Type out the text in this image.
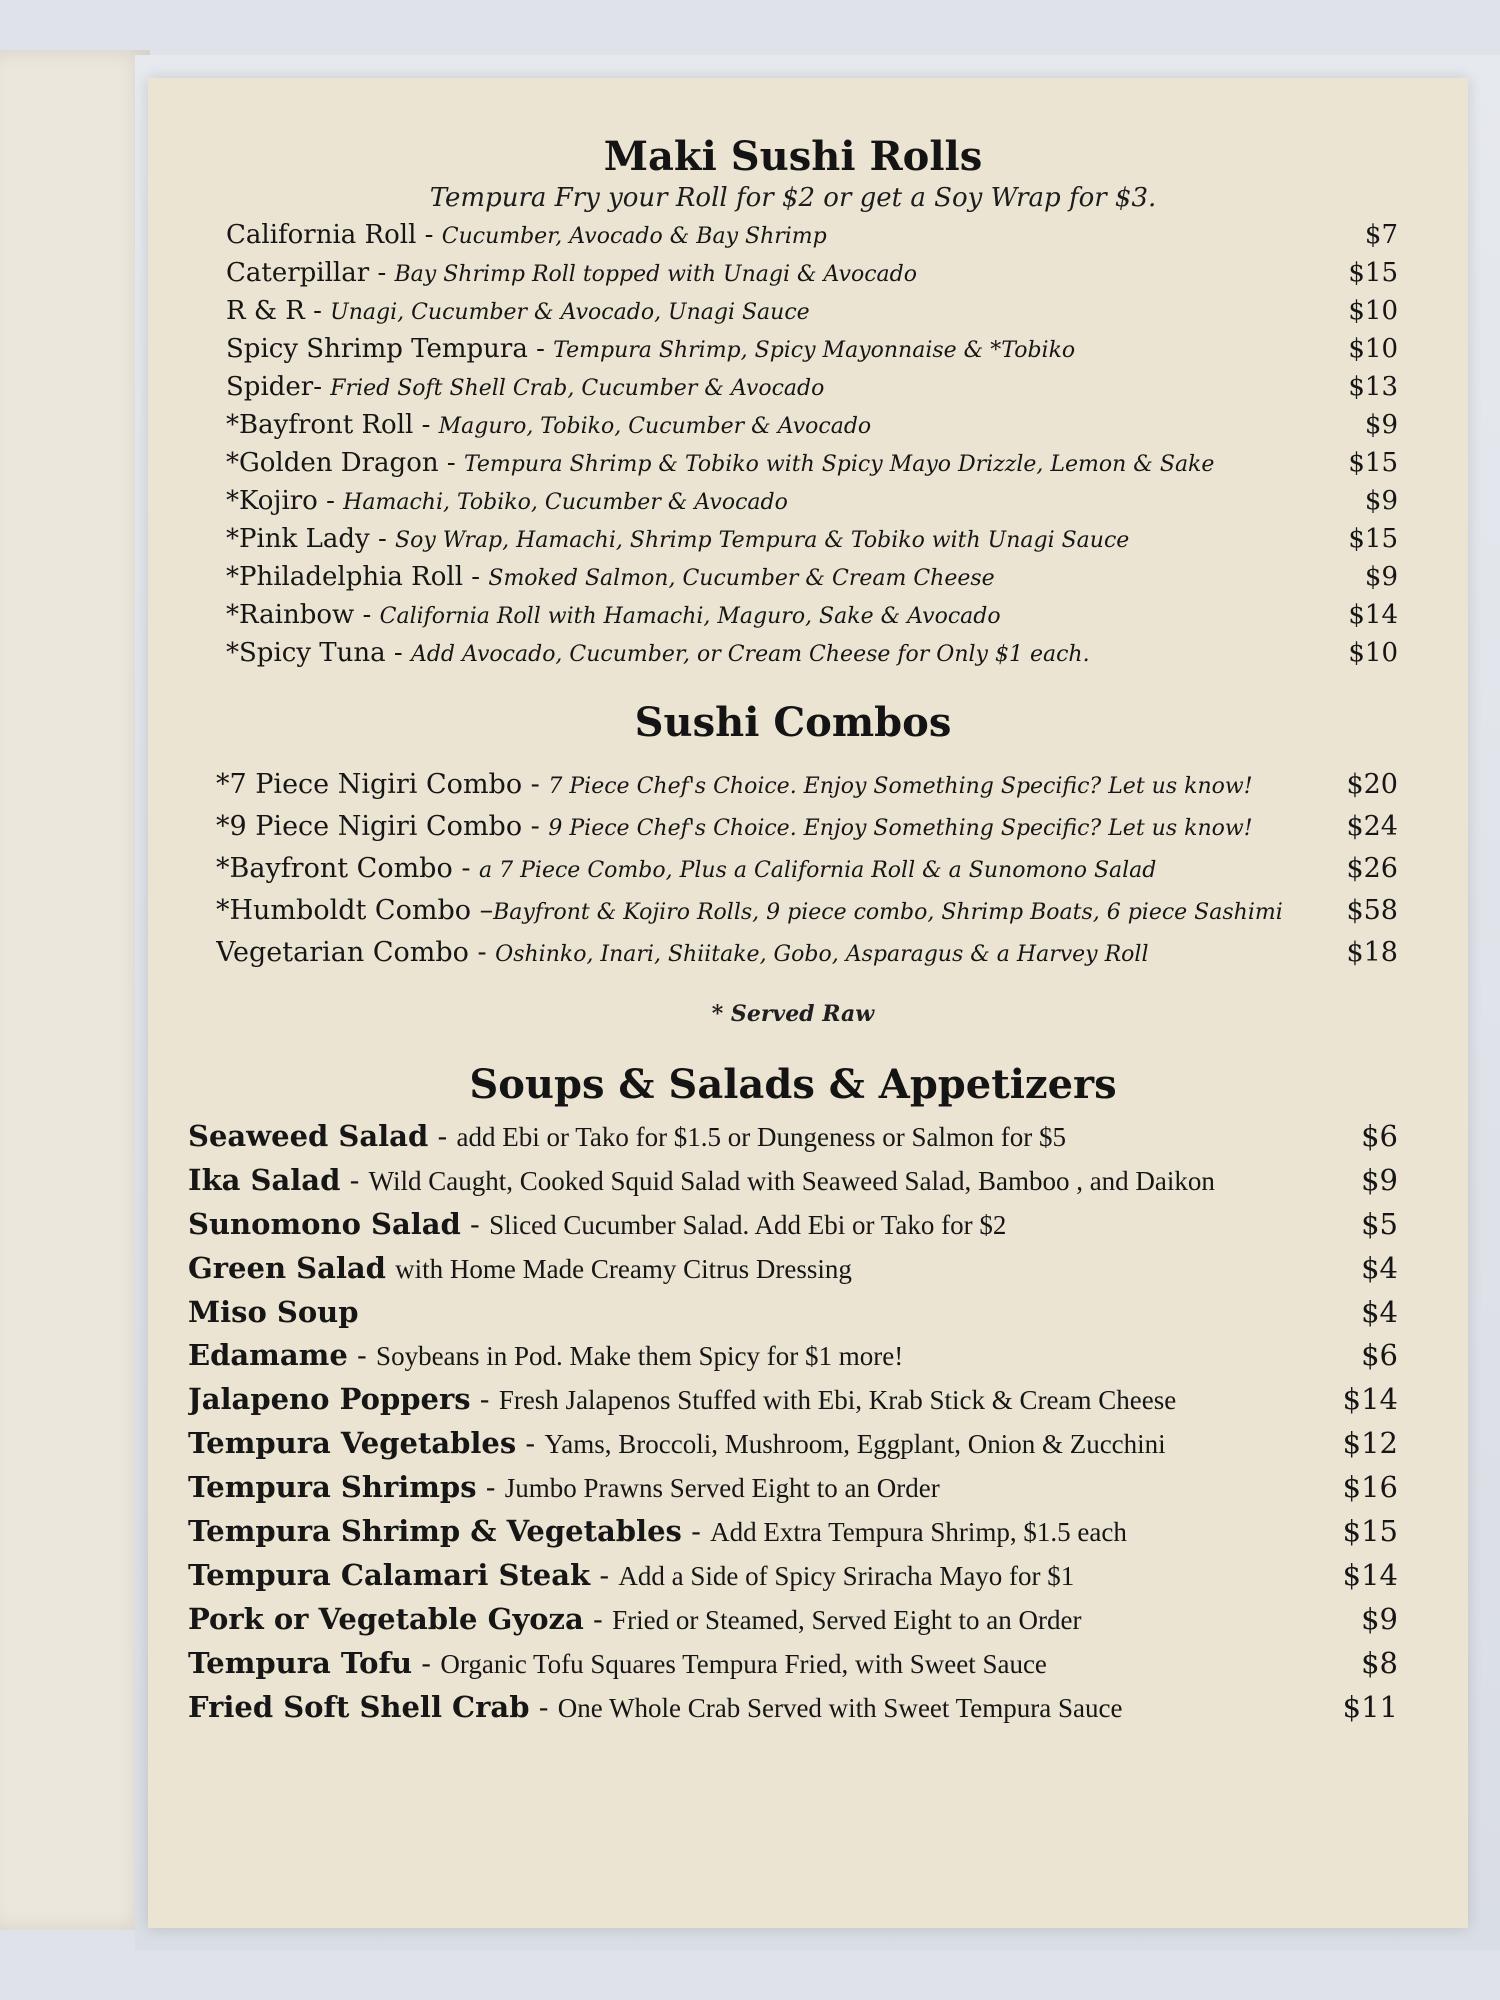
Maki Sushi Rolls
Tempura Fry your Roll for $2 or get a Soy Wrap for $3.
California Roll - Cucumber, Avocado & Bay Shrimp	$7
Caterpillar - Bay Shrimp Roll topped with Unagi & Avocado	$15
R & R - Unagi, Cucumber & Avocado, Unagi Sauce	$10
Spicy Shrimp Tempura - Tempura Shrimp, Spicy Mayonnaise & *Tobiko	$10
Spider- Fried Soft Shell Crab, Cucumber & Avocado	$13
*Bayfront Roll - Maguro, Tobiko, Cucumber & Avocado	$9
*Golden Dragon - Tempura Shrimp & Tobiko with Spicy Mayo Drizzle, Lemon & Sake	$15
*Kojiro - Hamachi, Tobiko, Cucumber & Avocado	$9
*Pink Lady - Soy Wrap, Hamachi, Shrimp Tempura & Tobiko with Unagi Sauce	$15
*Philadelphia Roll - Smoked Salmon, Cucumber & Cream Cheese	$9
*Rainbow - California Roll with Hamachi, Maguro, Sake & Avocado	$14
*Spicy Tuna - Add Avocado, Cucumber, or Cream Cheese for Only $1 each.	$10
Sushi Combos
*7 Piece Nigiri Combo - 7 Piece Chef's Choice. Enjoy Something Specific? Let us know!	$20
*9 Piece Nigiri Combo - 9 Piece Chef's Choice. Enjoy Something Specific? Let us know!	$24
*Bayfront Combo - a 7 Piece Combo, Plus a California Roll & a Sunomono Salad	$26
*Humboldt Combo –Bayfront & Kojiro Rolls, 9 piece combo, Shrimp Boats, 6 piece Sashimi	$58
Vegetarian Combo - Oshinko, Inari, Shiitake, Gobo, Asparagus & a Harvey Roll	$18
* Served Raw
Soups & Salads & Appetizers
Seaweed Salad - add Ebi or Tako for $1.5 or Dungeness or Salmon for $5	$6
Ika Salad - Wild Caught, Cooked Squid Salad with Seaweed Salad, Bamboo , and Daikon	$9
Sunomono Salad - Sliced Cucumber Salad. Add Ebi or Tako for $2	$5
Green Salad with Home Made Creamy Citrus Dressing	$4
Miso Soup	$4
Edamame - Soybeans in Pod. Make them Spicy for $1 more!	$6
Jalapeno Poppers - Fresh Jalapenos Stuffed with Ebi, Krab Stick & Cream Cheese	$14
Tempura Vegetables - Yams, Broccoli, Mushroom, Eggplant, Onion & Zucchini	$12
Tempura Shrimps - Jumbo Prawns Served Eight to an Order	$16
Tempura Shrimp & Vegetables - Add Extra Tempura Shrimp, $1.5 each	$15
Tempura Calamari Steak - Add a Side of Spicy Sriracha Mayo for $1	$14
Pork or Vegetable Gyoza - Fried or Steamed, Served Eight to an Order	$9
Tempura Tofu - Organic Tofu Squares Tempura Fried, with Sweet Sauce	$8
Fried Soft Shell Crab - One Whole Crab Served with Sweet Tempura Sauce	$11
